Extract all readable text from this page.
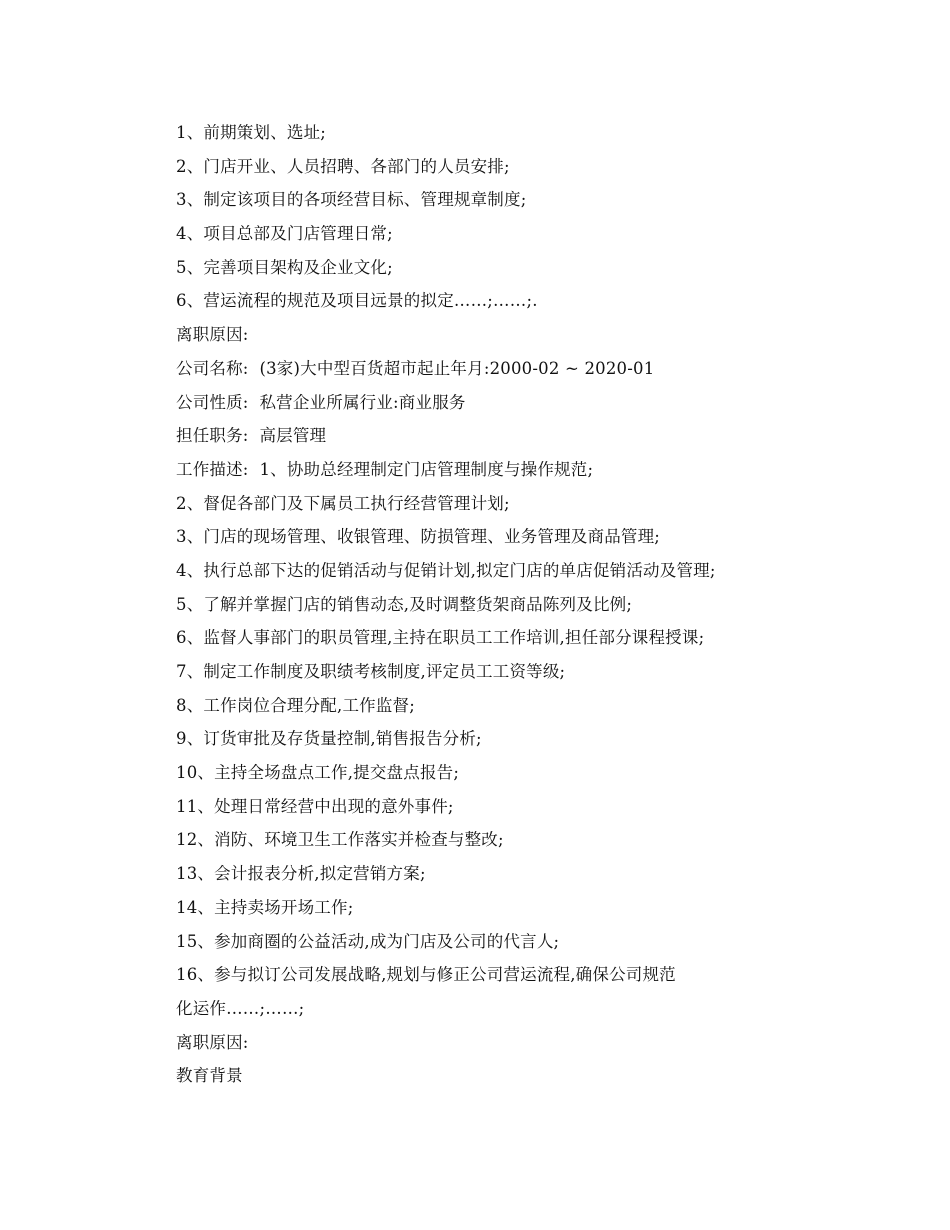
1、前期策划、选址;
2、门店开业、人员招聘、各部门的人员安排;
3、制定该项目的各项经营目标、管理规章制度;
4、项目总部及门店管理日常;
5、完善项目架构及企业文化;
6、营运流程的规范及项目远景的拟定……;……;.
离职原因:
公司名称:  (3家)大中型百货超市起止年月:2000-02 ~ 2020-01
公司性质:  私营企业所属行业:商业服务
担任职务:  高层管理
工作描述:  1、协助总经理制定门店管理制度与操作规范;
2、督促各部门及下属员工执行经营管理计划;
3、门店的现场管理、收银管理、防损管理、业务管理及商品管理;
4、执行总部下达的促销活动与促销计划,拟定门店的单店促销活动及管理;
5、了解并掌握门店的销售动态,及时调整货架商品陈列及比例;
6、监督人事部门的职员管理,主持在职员工工作培训,担任部分课程授课;
7、制定工作制度及职绩考核制度,评定员工工资等级;
8、工作岗位合理分配,工作监督;
9、订货审批及存货量控制,销售报告分析;
10、主持全场盘点工作,提交盘点报告;
11、处理日常经营中出现的意外事件;
12、消防、环境卫生工作落实并检查与整改;
13、会计报表分析,拟定营销方案;
14、主持卖场开场工作;
15、参加商圈的公益活动,成为门店及公司的代言人;
16、参与拟订公司发展战略,规划与修正公司营运流程,确保公司规范
化运作……;……;
离职原因:
教育背景
